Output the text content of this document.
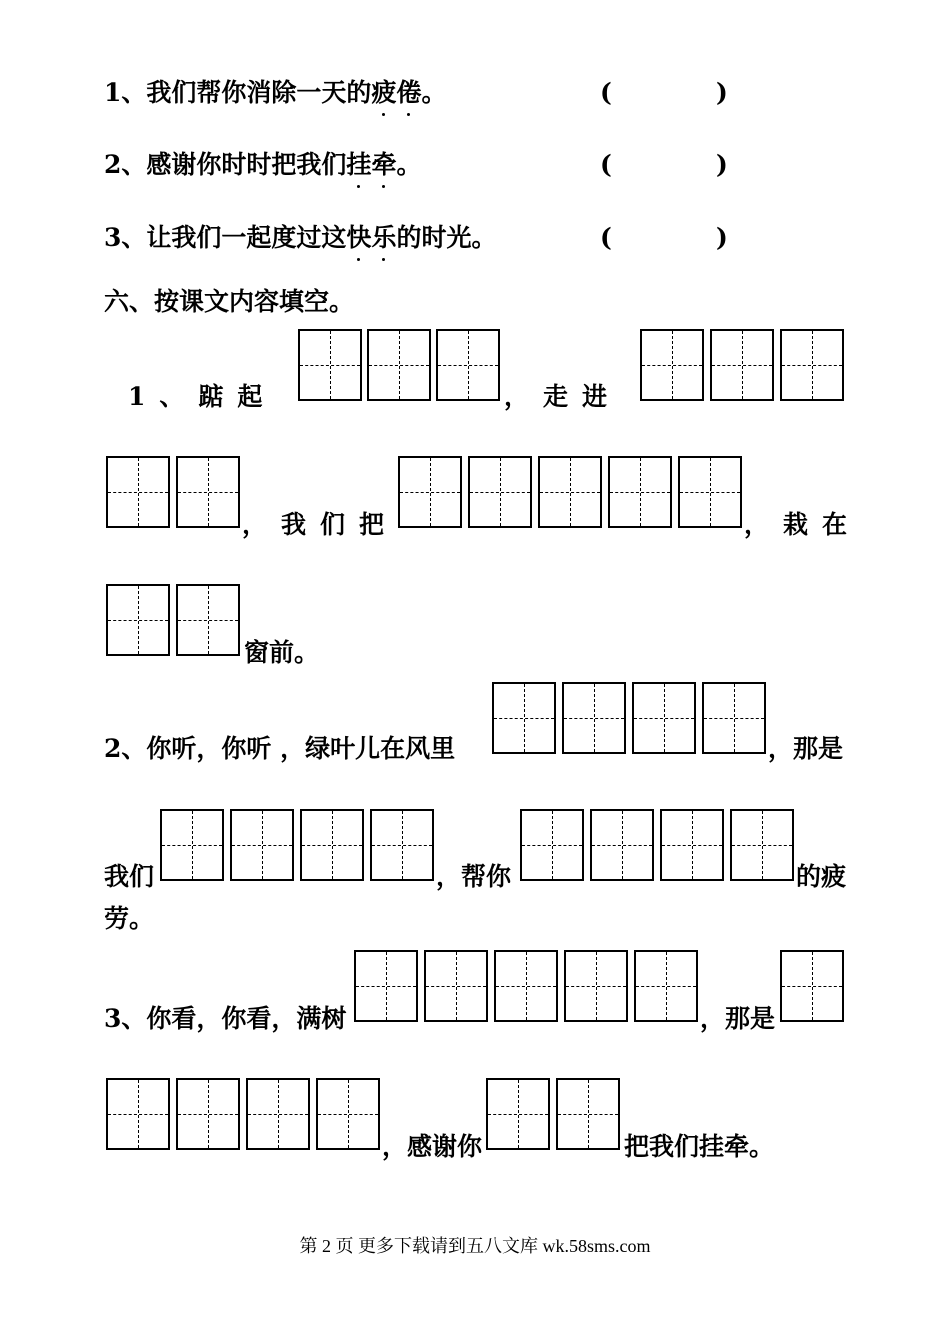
1、我们帮你消除一天的疲倦。	(	)
2、感谢你时时把我们挂牵。	(	)
3、让我们一起度过这快乐的时光。	(	)
六、按课文内容填空。
1、踮起	，走进
，我们把	，栽在
窗前。
2、你听，你听 ，绿叶儿在风里	，那是
我们	，帮你	的疲
劳。
3、你看，你看，满树	，那是
，感谢你	把我们挂牵。
第 2 页 更多下载请到五八文库 wk.58sms.com
